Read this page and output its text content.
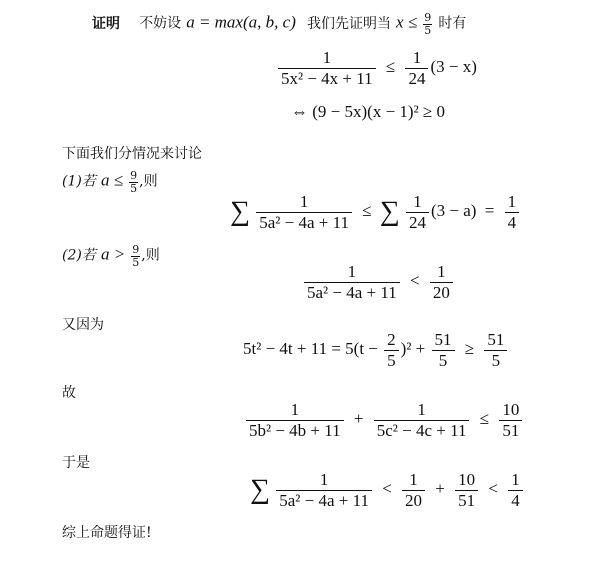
证明 不妨设 a = max(a, b, c) 我们先证明当 $x \le \frac{9}{5}$ 时有
$\frac{1}{\text{5x² − 4x + 11}} \le \frac{1}{24} (3 - x)$
⇔ (9 − 5x)(x − 1)² ≥ 0
下面我们分情况来讨论
(1)若 $a \le \frac{9}{5}$ ,则
∑ $\frac{1}{\text{5a² − 4a + 11}}$ ≤ ∑ $\frac{1}{24} (3 - a) = \frac{1}{4}$
(2)若 $a > \frac{9}{5}$ ,则
$\frac{1}{\text{5a² − 4a + 11}} < \frac{1}{20}$
又因为
$5t^2 - 4t + 11 = 5(t - \frac{2}{5} )^2 + \frac{51}{5} \ge \frac{51}{5}$
故
$\frac{1}{\text{5b² − 4b + 11}} + \frac{1}{\text{5c² − 4c + 11}} \le \frac{10}{51}$
于是
∑ $\frac{1}{\text{5a² − 4a + 11}} < \frac{1}{20} + \frac{10}{51} < \frac{1}{4}$
综上命题得证!
